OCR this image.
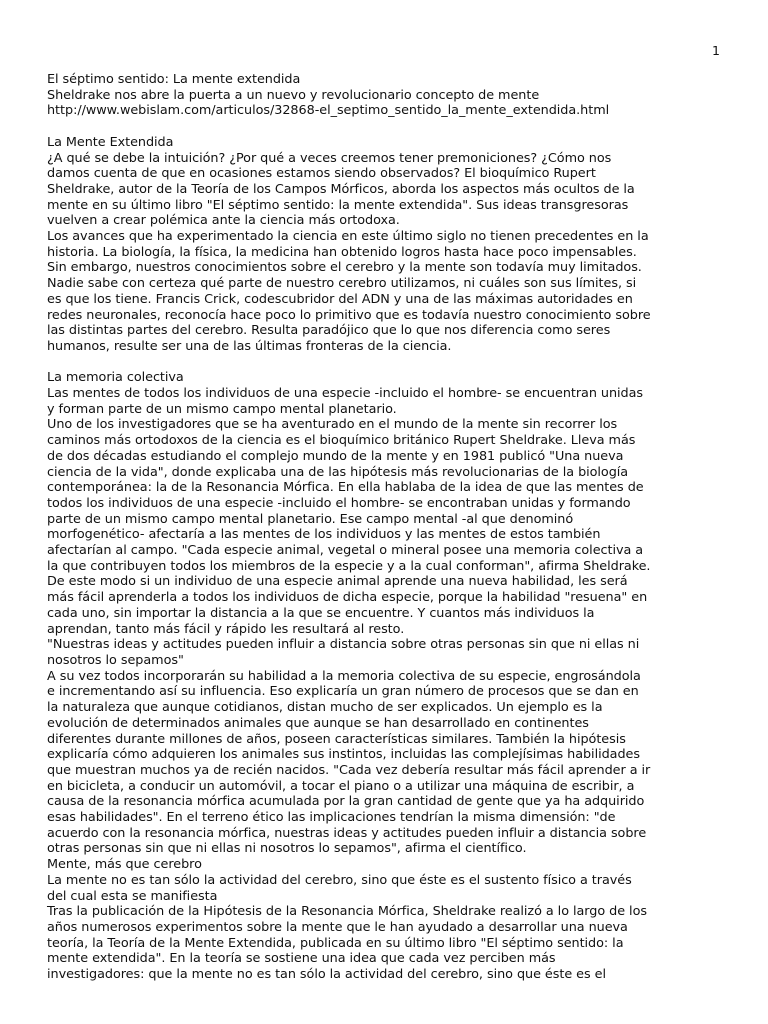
1
El séptimo sentido: La mente extendida
Sheldrake nos abre la puerta a un nuevo y revolucionario concepto de mente
http://www.webislam.com/articulos/32868-el_septimo_sentido_la_mente_extendida.html
La Mente Extendida
¿A qué se debe la intuición? ¿Por qué a veces creemos tener premoniciones? ¿Cómo nos
damos cuenta de que en ocasiones estamos siendo observados? El bioquímico Rupert
Sheldrake, autor de la Teoría de los Campos Mórficos, aborda los aspectos más ocultos de la
mente en su último libro "El séptimo sentido: la mente extendida". Sus ideas transgresoras
vuelven a crear polémica ante la ciencia más ortodoxa.
Los avances que ha experimentado la ciencia en este último siglo no tienen precedentes en la
historia. La biología, la física, la medicina han obtenido logros hasta hace poco impensables.
Sin embargo, nuestros conocimientos sobre el cerebro y la mente son todavía muy limitados.
Nadie sabe con certeza qué parte de nuestro cerebro utilizamos, ni cuáles son sus límites, si
es que los tiene. Francis Crick, codescubridor del ADN y una de las máximas autoridades en
redes neuronales, reconocía hace poco lo primitivo que es todavía nuestro conocimiento sobre
las distintas partes del cerebro. Resulta paradójico que lo que nos diferencia como seres
humanos, resulte ser una de las últimas fronteras de la ciencia.
La memoria colectiva
Las mentes de todos los individuos de una especie -incluido el hombre- se encuentran unidas
y forman parte de un mismo campo mental planetario.
Uno de los investigadores que se ha aventurado en el mundo de la mente sin recorrer los
caminos más ortodoxos de la ciencia es el bioquímico británico Rupert Sheldrake. Lleva más
de dos décadas estudiando el complejo mundo de la mente y en 1981 publicó "Una nueva
ciencia de la vida", donde explicaba una de las hipótesis más revolucionarias de la biología
contemporánea: la de la Resonancia Mórfica. En ella hablaba de la idea de que las mentes de
todos los individuos de una especie -incluido el hombre- se encontraban unidas y formando
parte de un mismo campo mental planetario. Ese campo mental -al que denominó
morfogenético- afectaría a las mentes de los individuos y las mentes de estos también
afectarían al campo. "Cada especie animal, vegetal o mineral posee una memoria colectiva a
la que contribuyen todos los miembros de la especie y a la cual conforman", afirma Sheldrake.
De este modo si un individuo de una especie animal aprende una nueva habilidad, les será
más fácil aprenderla a todos los individuos de dicha especie, porque la habilidad "resuena" en
cada uno, sin importar la distancia a la que se encuentre. Y cuantos más individuos la
aprendan, tanto más fácil y rápido les resultará al resto.
"Nuestras ideas y actitudes pueden influir a distancia sobre otras personas sin que ni ellas ni
nosotros lo sepamos"
A su vez todos incorporarán su habilidad a la memoria colectiva de su especie, engrosándola
e incrementando así su influencia. Eso explicaría un gran número de procesos que se dan en
la naturaleza que aunque cotidianos, distan mucho de ser explicados. Un ejemplo es la
evolución de determinados animales que aunque se han desarrollado en continentes
diferentes durante millones de años, poseen características similares. También la hipótesis
explicaría cómo adquieren los animales sus instintos, incluidas las complejísimas habilidades
que muestran muchos ya de recién nacidos. "Cada vez debería resultar más fácil aprender a ir
en bicicleta, a conducir un automóvil, a tocar el piano o a utilizar una máquina de escribir, a
causa de la resonancia mórfica acumulada por la gran cantidad de gente que ya ha adquirido
esas habilidades". En el terreno ético las implicaciones tendrían la misma dimensión: "de
acuerdo con la resonancia mórfica, nuestras ideas y actitudes pueden influir a distancia sobre
otras personas sin que ni ellas ni nosotros lo sepamos", afirma el científico.
Mente, más que cerebro
La mente no es tan sólo la actividad del cerebro, sino que éste es el sustento físico a través
del cual esta se manifiesta
Tras la publicación de la Hipótesis de la Resonancia Mórfica, Sheldrake realizó a lo largo de los
años numerosos experimentos sobre la mente que le han ayudado a desarrollar una nueva
teoría, la Teoría de la Mente Extendida, publicada en su último libro "El séptimo sentido: la
mente extendida". En la teoría se sostiene una idea que cada vez perciben más
investigadores: que la mente no es tan sólo la actividad del cerebro, sino que éste es el
